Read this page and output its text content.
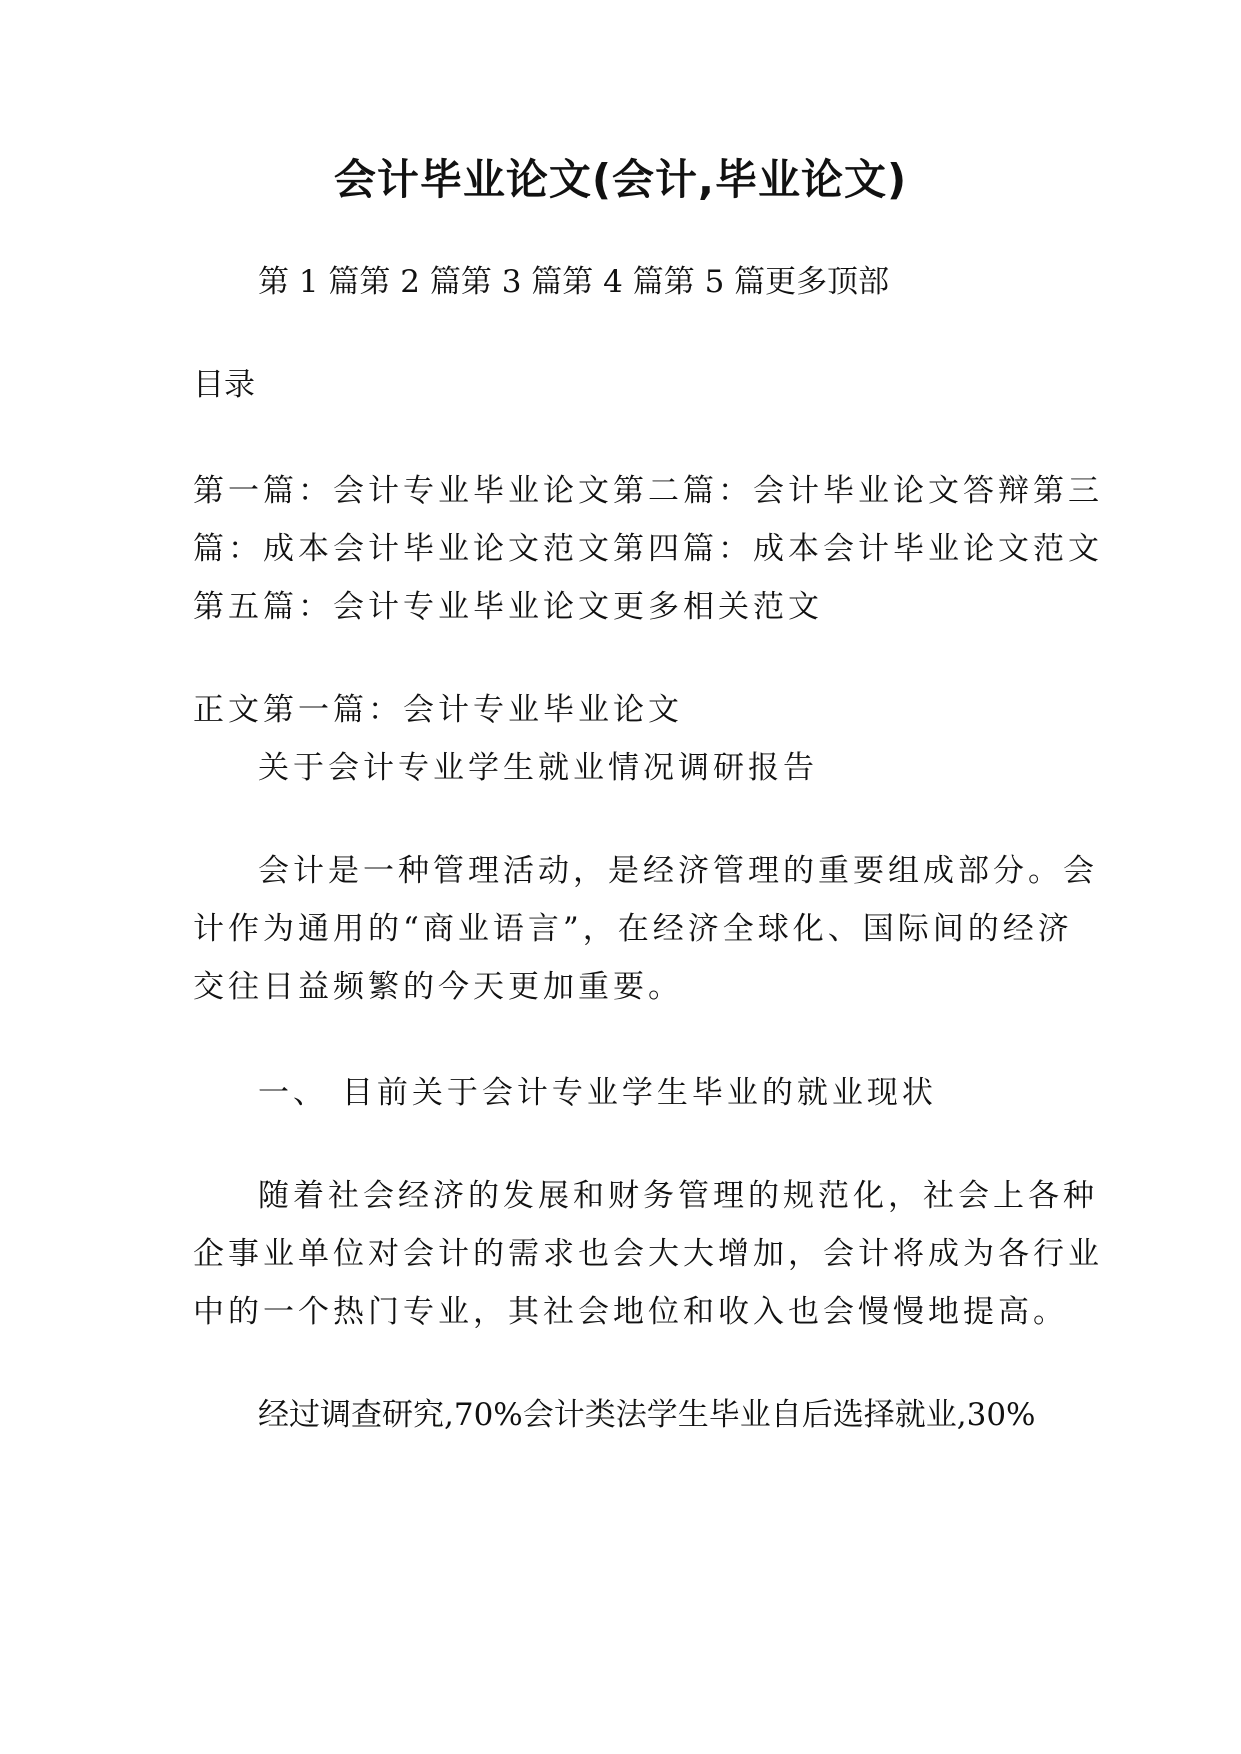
会计毕业论文(会计,毕业论文)
第 1 篇第 2 篇第 3 篇第 4 篇第 5 篇更多顶部
目录
第一篇：会计专业毕业论文第二篇：会计毕业论文答辩第三
篇：成本会计毕业论文范文第四篇：成本会计毕业论文范文
第五篇：会计专业毕业论文更多相关范文
正文第一篇：会计专业毕业论文
关于会计专业学生就业情况调研报告
会计是一种管理活动，是经济管理的重要组成部分。会
计作为通用的“商业语言”，在经济全球化、国际间的经济
交往日益频繁的今天更加重要。
一、 目前关于会计专业学生毕业的就业现状
随着社会经济的发展和财务管理的规范化，社会上各种
企事业单位对会计的需求也会大大增加，会计将成为各行业
中的一个热门专业，其社会地位和收入也会慢慢地提高。
经过调查研究,70%会计类法学生毕业自后选择就业,30%
